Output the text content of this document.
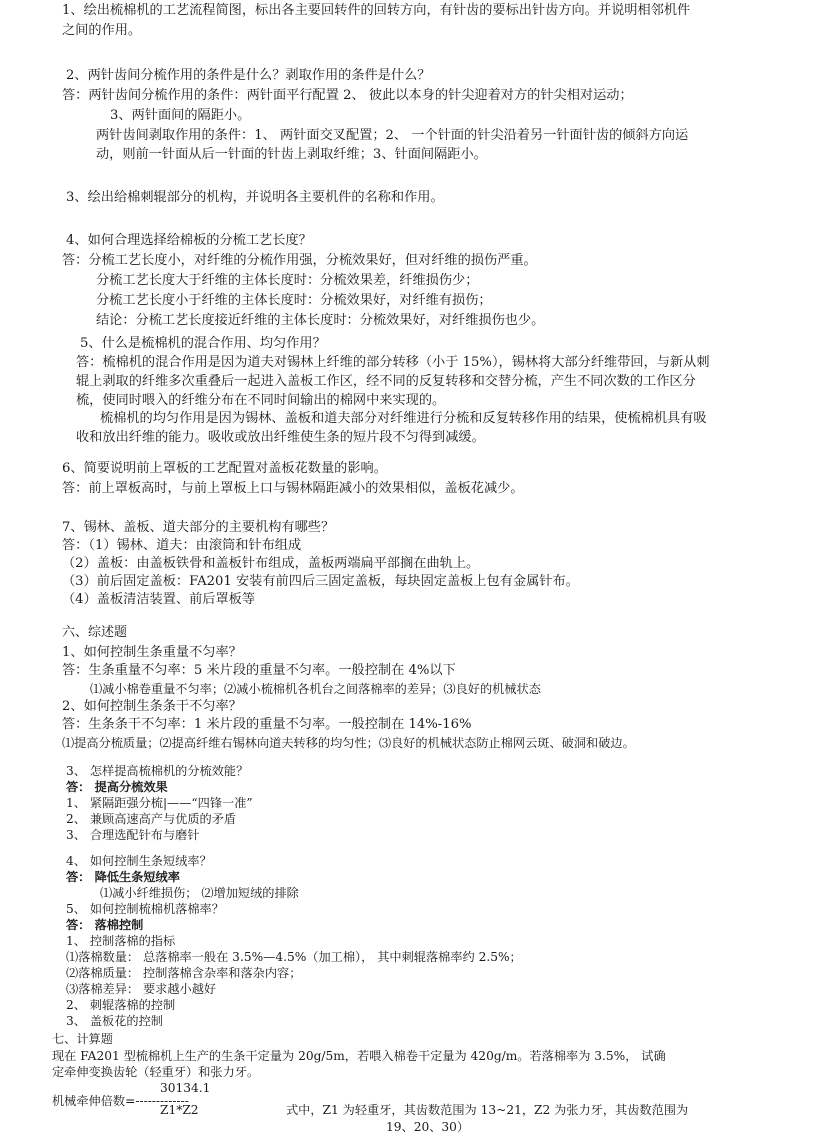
1、绘出梳棉机的工艺流程简图，标出各主要回转件的回转方向，有针齿的要标出针齿方向。并说明相邻机件
之间的作用。
2、两针齿间分梳作用的条件是什么？剥取作用的条件是什么？
答：两针齿间分梳作用的条件：两针面平行配置 2、 彼此以本身的针尖迎着对方的针尖相对运动；
3、两针面间的隔距小。
两针齿间剥取作用的条件：1、 两针面交叉配置；2、 一个针面的针尖沿着另一针面针齿的倾斜方向运
动，则前一针面从后一针面的针齿上剥取纤维；3、针面间隔距小。
3、绘出给棉刺辊部分的机构，并说明各主要机件的名称和作用。
4、如何合理选择给棉板的分梳工艺长度？
答：分梳工艺长度小，对纤维的分梳作用强，分梳效果好，但对纤维的损伤严重。
分梳工艺长度大于纤维的主体长度时：分梳效果差，纤维损伤少；
分梳工艺长度小于纤维的主体长度时：分梳效果好，对纤维有损伤；
结论：分梳工艺长度接近纤维的主体长度时：分梳效果好，对纤维损伤也少。
5、什么是梳棉机的混合作用、均匀作用？
答：梳棉机的混合作用是因为道夫对锡林上纤维的部分转移（小于 15%），锡林将大部分纤维带回，与新从刺
辊上剥取的纤维多次重叠后一起进入盖板工作区，经不同的反复转移和交替分梳，产生不同次数的工作区分
梳，使同时喂入的纤维分布在不同时间输出的棉网中来实现的。
梳棉机的均匀作用是因为锡林、盖板和道夫部分对纤维进行分梳和反复转移作用的结果，使梳棉机具有吸
收和放出纤维的能力。吸收或放出纤维使生条的短片段不匀得到减缓。
6、简要说明前上罩板的工艺配置对盖板花数量的影响。
答：前上罩板高时，与前上罩板上口与锡林隔距减小的效果相似，盖板花减少。
7、锡林、盖板、道夫部分的主要机构有哪些？
答：（1）锡林、道夫：由滚筒和针布组成
（2）盖板：由盖板铁骨和盖板针布组成，盖板两端扁平部搁在曲轨上。
（3）前后固定盖板：FA201 安装有前四后三固定盖板，每块固定盖板上包有金属针布。
（4）盖板清洁装置、前后罩板等
六、综述题
1、如何控制生条重量不匀率？
答：生条重量不匀率：5 米片段的重量不匀率。一般控制在 4%以下
⑴减小棉卷重量不匀率；⑵减小梳棉机各机台之间落棉率的差异；⑶良好的机械状态
2、如何控制生条条干不匀率？
答：生条条干不匀率：1 米片段的重量不匀率。一般控制在 14%-16%
⑴提高分梳质量；⑵提高纤维右锡林向道夫转移的均匀性；⑶良好的机械状态防止棉网云斑、破洞和破边。
3、 怎样提高梳棉机的分梳效能？
答： 提高分梳效果
1、 紧隔距强分梳|——“四锋一准”
2、 兼顾高速高产与优质的矛盾
3、 合理选配针布与磨针
4、 如何控制生条短绒率？
答： 降低生条短绒率
⑴减小纤维损伤； ⑵增加短绒的排除
5、 如何控制梳棉机落棉率？
答： 落棉控制
1、 控制落棉的指标
⑴落棉数量： 总落棉率一般在 3.5%—4.5%（加工棉）， 其中刺辊落棉率约 2.5%；
⑵落棉质量： 控制落棉含杂率和落杂内容；
⑶落棉差异： 要求越小越好
2、 刺辊落棉的控制
3、 盖板花的控制
七、计算题
现在 FA201 型梳棉机上生产的生条干定量为 20g/5m，若喂入棉卷干定量为 420g/m。若落棉率为 3.5%， 试确
定牵伸变换齿轮（轻重牙）和张力牙。
30134.1
机械牵伸倍数=-------------
Z1*Z2	式中，Z1 为轻重牙，其齿数范围为 13~21，Z2 为张力牙，其齿数范围为
19、20、30）
